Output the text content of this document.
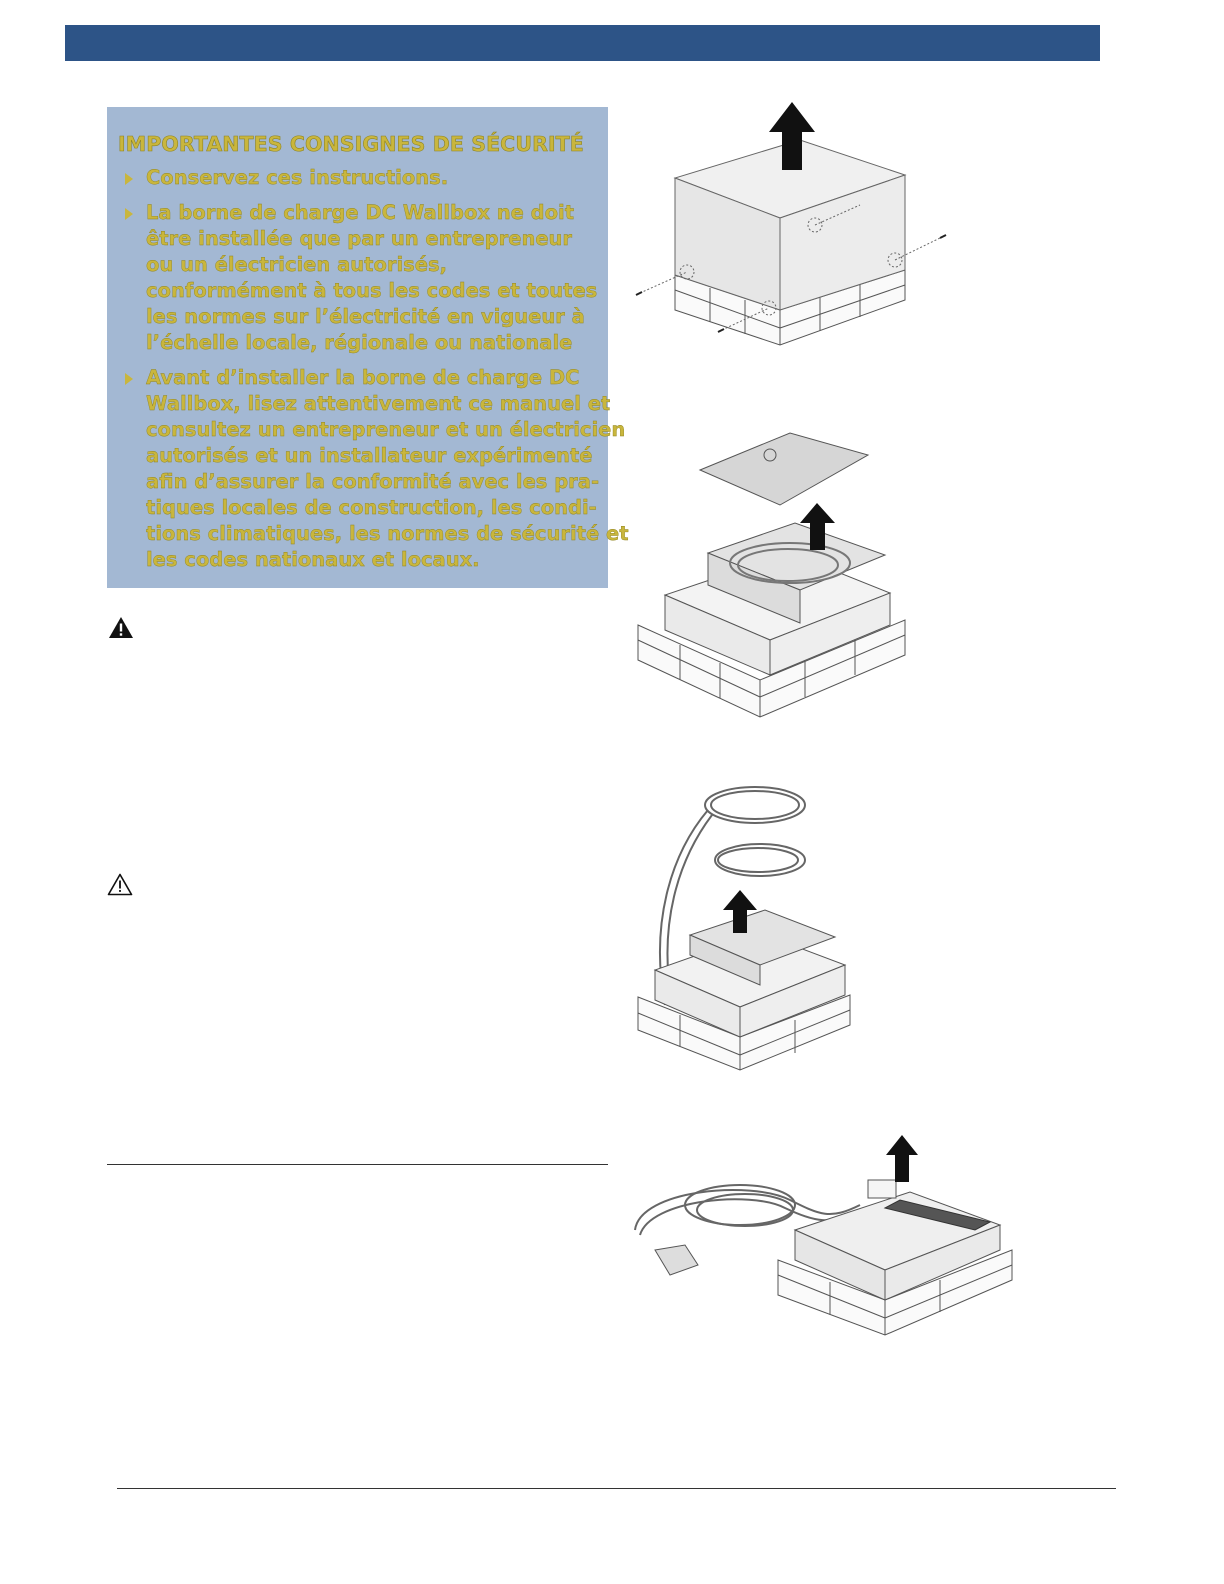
IMPORTANTES CONSIGNES DE SÉCURITÉ
Conservez ces instructions.
La borne de charge DC Wallbox ne doit être installée que par un entrepreneur ou un électricien autorisés, conformément à tous les codes et toutes les normes sur l’électricité en vigueur à l’échelle locale, régionale ou nationale
Avant d’installer la borne de charge DC Wallbox, lisez attentivement ce manuel et consultez un entrepreneur et un électricien autorisés et un installateur expérimenté afin d’assurer la conformité avec les pra-tiques locales de construction, les condi-tions climatiques, les normes de sécurité et les codes nationaux et locaux.
